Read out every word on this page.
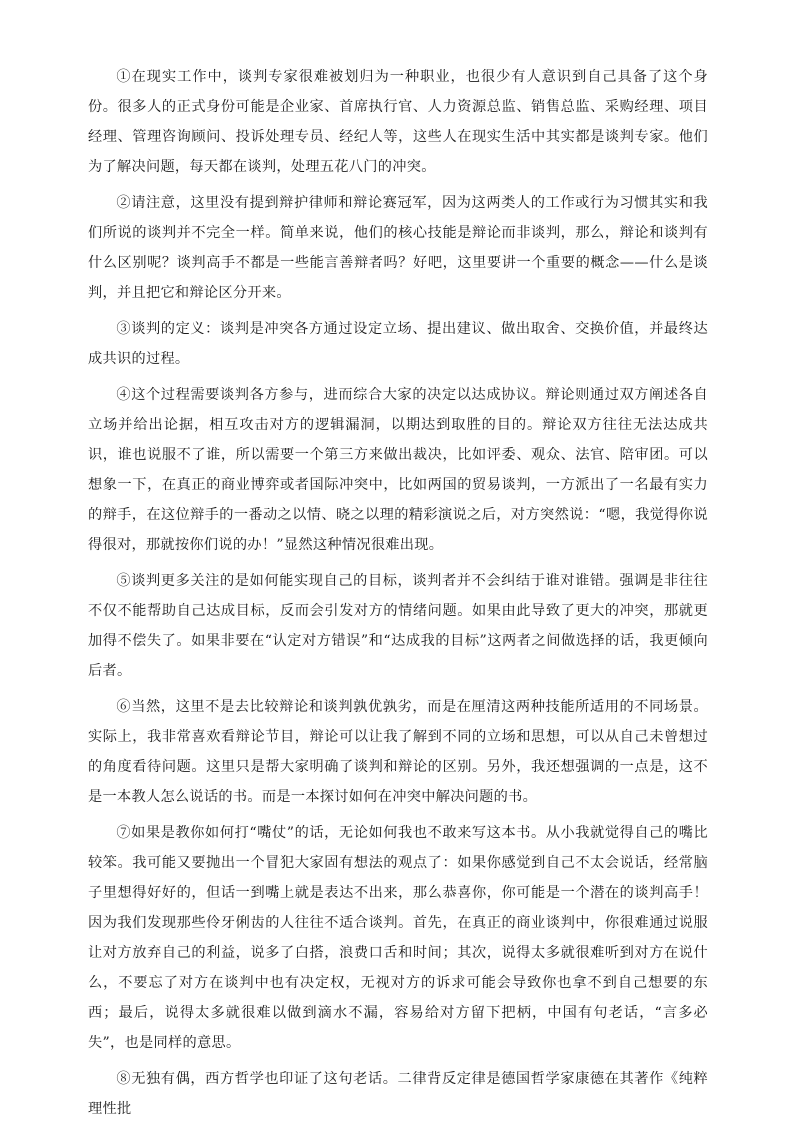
①在现实工作中，谈判专家很难被划归为一种职业，也很少有人意识到自己具备了这个身份。很多人的正式身份可能是企业家、首席执行官、人力资源总监、销售总监、采购经理、项目经理、管理咨询顾问、投诉处理专员、经纪人等，这些人在现实生活中其实都是谈判专家。他们为了解决问题，每天都在谈判，处理五花八门的冲突。

②请注意，这里没有提到辩护律师和辩论赛冠军，因为这两类人的工作或行为习惯其实和我们所说的谈判并不完全一样。简单来说，他们的核心技能是辩论而非谈判，那么，辩论和谈判有什么区别呢？谈判高手不都是一些能言善辩者吗？好吧，这里要讲一个重要的概念——什么是谈判，并且把它和辩论区分开来。

③谈判的定义：谈判是冲突各方通过设定立场、提出建议、做出取舍、交换价值，并最终达成共识的过程。

④这个过程需要谈判各方参与，进而综合大家的决定以达成协议。辩论则通过双方阐述各自立场并给出论据，相互攻击对方的逻辑漏洞，以期达到取胜的目的。辩论双方往往无法达成共识，谁也说服不了谁，所以需要一个第三方来做出裁决，比如评委、观众、法官、陪审团。可以想象一下，在真正的商业博弈或者国际冲突中，比如两国的贸易谈判，一方派出了一名最有实力的辩手，在这位辩手的一番动之以情、晓之以理的精彩演说之后，对方突然说：“嗯，我觉得你说得很对，那就按你们说的办！”显然这种情况很难出现。

⑤谈判更多关注的是如何能实现自己的目标，谈判者并不会纠结于谁对谁错。强调是非往往不仅不能帮助自己达成目标，反而会引发对方的情绪问题。如果由此导致了更大的冲突，那就更加得不偿失了。如果非要在“认定对方错误”和“达成我的目标”这两者之间做选择的话，我更倾向后者。

⑥当然，这里不是去比较辩论和谈判孰优孰劣，而是在厘清这两种技能所适用的不同场景。实际上，我非常喜欢看辩论节目，辩论可以让我了解到不同的立场和思想，可以从自己未曾想过的角度看待问题。这里只是帮大家明确了谈判和辩论的区别。另外，我还想强调的一点是，这不是一本教人怎么说话的书。而是一本探讨如何在冲突中解决问题的书。

⑦如果是教你如何打“嘴仗”的话，无论如何我也不敢来写这本书。从小我就觉得自己的嘴比较笨。我可能又要抛出一个冒犯大家固有想法的观点了：如果你感觉到自己不太会说话，经常脑子里想得好好的，但话一到嘴上就是表达不出来，那么恭喜你，你可能是一个潜在的谈判高手！因为我们发现那些伶牙俐齿的人往往不适合谈判。首先，在真正的商业谈判中，你很难通过说服让对方放弃自己的利益，说多了白搭，浪费口舌和时间；其次，说得太多就很难听到对方在说什么，不要忘了对方在谈判中也有决定权，无视对方的诉求可能会导致你也拿不到自己想要的东西；最后，说得太多就很难以做到滴水不漏，容易给对方留下把柄，中国有句老话，“言多必失”，也是同样的意思。

⑧无独有偶，西方哲学也印证了这句老话。二律背反定律是德国哲学家康德在其著作《纯粹理性批
